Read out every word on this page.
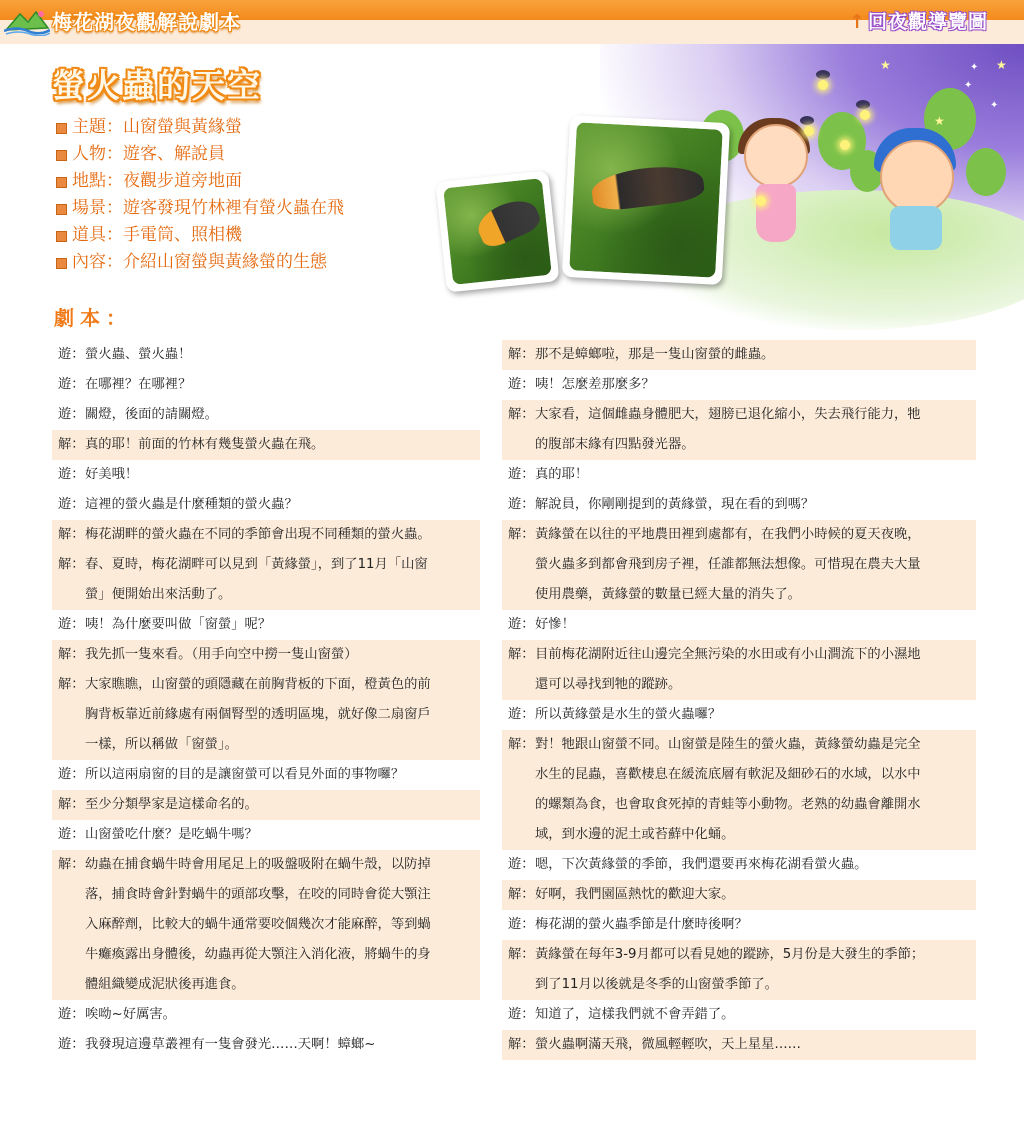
梅花湖夜觀解說劇本	↑ 回夜觀導覽圖
★
★
★
✦
✦
✦
螢火蟲的天空
主題：山窗螢與黃緣螢
人物：遊客、解說員
地點：夜觀步道旁地面
場景：遊客發現竹林裡有螢火蟲在飛
道具：手電筒、照相機
內容：介紹山窗螢與黃緣螢的生態
劇本：
遊： 螢火蟲、螢火蟲！
遊： 在哪裡？在哪裡？
遊： 關燈，後面的請關燈。
解： 真的耶！前面的竹林有幾隻螢火蟲在飛。
遊： 好美哦！
遊： 這裡的螢火蟲是什麼種類的螢火蟲？
解： 梅花湖畔的螢火蟲在不同的季節會出現不同種類的螢火蟲。
解： 春、夏時，梅花湖畔可以見到「黃緣螢」，到了11月「山窗
螢」便開始出來活動了。
遊： 咦！為什麼要叫做「窗螢」呢？
解： 我先抓一隻來看。（用手向空中撈一隻山窗螢）
解： 大家瞧瞧，山窗螢的頭隱藏在前胸背板的下面，橙黃色的前
胸背板靠近前緣處有兩個腎型的透明區塊，就好像二扇窗戶
一樣，所以稱做「窗螢」。
遊： 所以這兩扇窗的目的是讓窗螢可以看見外面的事物囉？
解： 至少分類學家是這樣命名的。
遊： 山窗螢吃什麼？是吃蝸牛嗎？
解： 幼蟲在捕食蝸牛時會用尾足上的吸盤吸附在蝸牛殼，以防掉
落，捕食時會針對蝸牛的頭部攻擊，在咬的同時會從大顎注
入麻醉劑，比較大的蝸牛通常要咬個幾次才能麻醉，等到蝸
牛癱瘓露出身體後，幼蟲再從大顎注入消化液，將蝸牛的身
體組織變成泥狀後再進食。
遊： 唉呦~好厲害。
遊： 我發現這邊草叢裡有一隻會發光……天啊！蟑螂~
解： 那不是蟑螂啦，那是一隻山窗螢的雌蟲。
遊： 咦！怎麼差那麼多？
解： 大家看，這個雌蟲身體肥大，翅膀已退化縮小，失去飛行能力，牠
的腹部末緣有四點發光器。
遊： 真的耶！
遊： 解說員，你剛剛提到的黃緣螢，現在看的到嗎？
解： 黃緣螢在以往的平地農田裡到處都有，在我們小時候的夏天夜晚，
螢火蟲多到都會飛到房子裡，任誰都無法想像。可惜現在農夫大量
使用農藥，黃緣螢的數量已經大量的消失了。
遊： 好慘！
解： 目前梅花湖附近往山邊完全無污染的水田或有小山澗流下的小濕地
還可以尋找到牠的蹤跡。
遊： 所以黃緣螢是水生的螢火蟲囉？
解： 對！牠跟山窗螢不同。山窗螢是陸生的螢火蟲，黃緣螢幼蟲是完全
水生的昆蟲，喜歡棲息在緩流底層有軟泥及細砂石的水域，以水中
的螺類為食，也會取食死掉的青蛙等小動物。老熟的幼蟲會離開水
域，到水邊的泥土或苔蘚中化蛹。
遊： 嗯，下次黃緣螢的季節，我們還要再來梅花湖看螢火蟲。
解： 好啊，我們園區熱忱的歡迎大家。
遊： 梅花湖的螢火蟲季節是什麼時後啊？
解： 黃緣螢在每年3-9月都可以看見她的蹤跡，5月份是大發生的季節；
到了11月以後就是冬季的山窗螢季節了。
遊： 知道了，這樣我們就不會弄錯了。
解： 螢火蟲啊滿天飛，微風輕輕吹，天上星星……
